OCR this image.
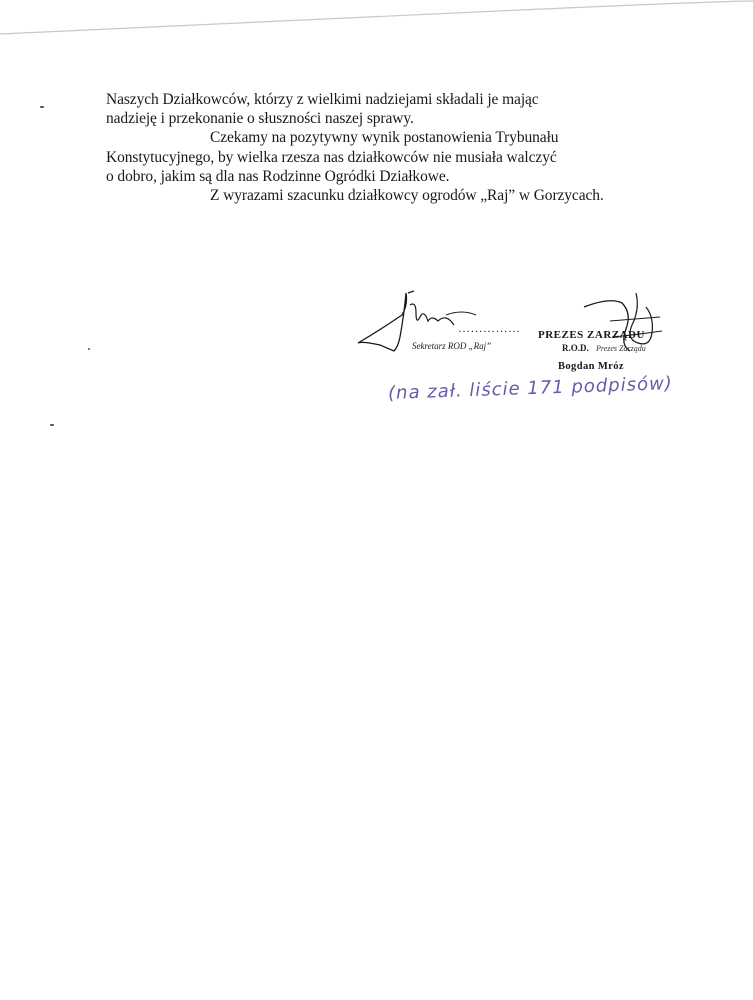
Naszych Działkowców, którzy z wielkimi nadziejami składali je mając
nadzieję i przekonanie o słuszności naszej sprawy.
Czekamy na pozytywny wynik postanowienia Trybunału
Konstytucyjnego, by wielka rzesza nas działkowców nie musiała walczyć
o dobro, jakim są dla nas Rodzinne Ogródki Działkowe.
Z wyrazami szacunku działkowcy ogrodów „Raj” w Gorzycach.
……………
Sekretarz ROD „Raj”
PREZES ZARZĄDU
R.O.D. Prezes Zarządu
Bogdan Mróz
(na zał. liście 171 podpisów)
